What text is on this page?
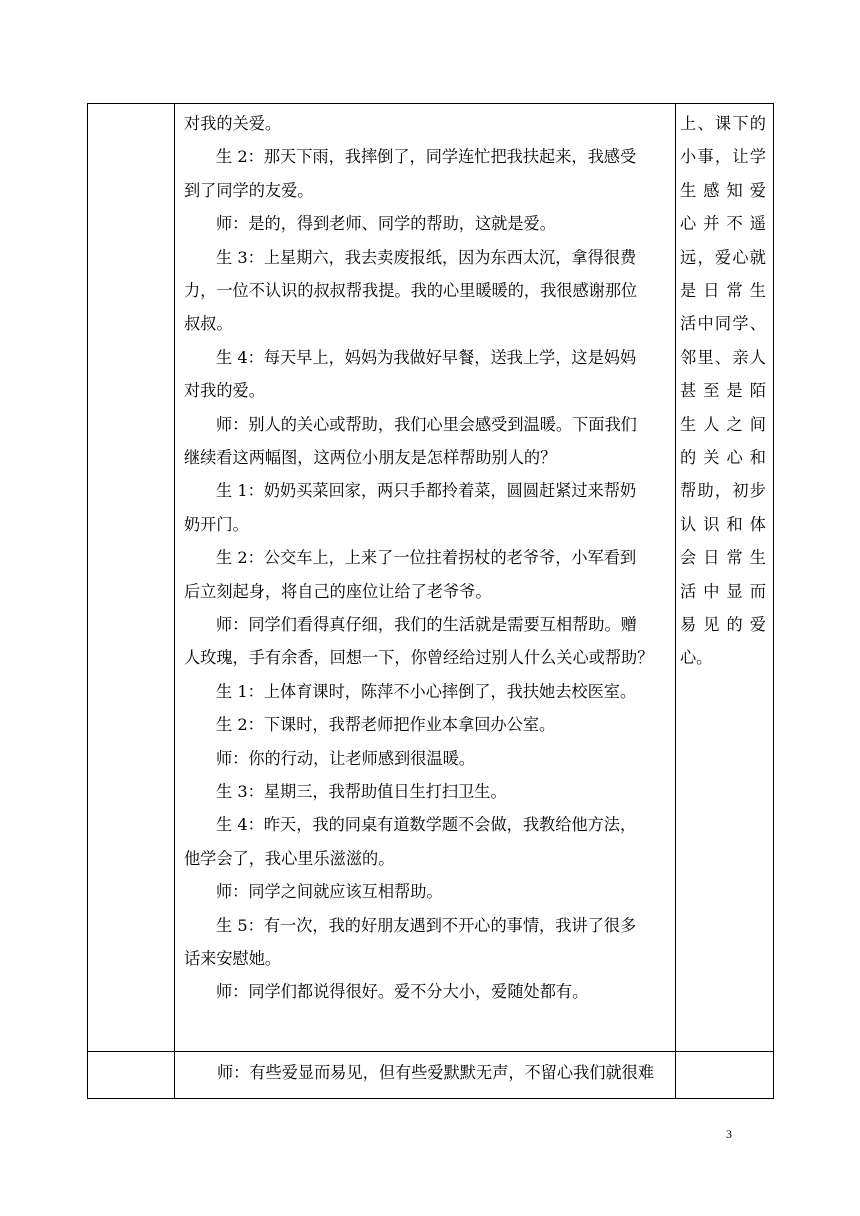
对我的关爱。
生 2：那天下雨，我摔倒了，同学连忙把我扶起来，我感受
到了同学的友爱。
师：是的，得到老师、同学的帮助，这就是爱。
生 3：上星期六，我去卖废报纸，因为东西太沉，拿得很费
力，一位不认识的叔叔帮我提。我的心里暖暖的，我很感谢那位
叔叔。
生 4：每天早上，妈妈为我做好早餐，送我上学，这是妈妈
对我的爱。
师：别人的关心或帮助，我们心里会感受到温暖。下面我们
继续看这两幅图，这两位小朋友是怎样帮助别人的？
生 1：奶奶买菜回家，两只手都拎着菜，圆圆赶紧过来帮奶
奶开门。
生 2：公交车上，上来了一位拄着拐杖的老爷爷，小军看到
后立刻起身，将自己的座位让给了老爷爷。
师：同学们看得真仔细，我们的生活就是需要互相帮助。赠
人玫瑰，手有余香，回想一下，你曾经给过别人什么关心或帮助？
生 1：上体育课时，陈萍不小心摔倒了，我扶她去校医室。
生 2：下课时，我帮老师把作业本拿回办公室。
师：你的行动，让老师感到很温暖。
生 3：星期三，我帮助值日生打扫卫生。
生 4：昨天，我的同桌有道数学题不会做，我教给他方法，
他学会了，我心里乐滋滋的。
师：同学之间就应该互相帮助。
生 5：有一次，我的好朋友遇到不开心的事情，我讲了很多
话来安慰她。
师：同学们都说得很好。爱不分大小，爱随处都有。
上、课下的
小事，让学
生感知爱
心并不遥
远，爱心就
是日常生
活中同学、
邻里、亲人
甚至是陌
生人之间
的关心和
帮助，初步
认识和体
会日常生
活中显而
易见的爱
心。
师：有些爱显而易见，但有些爱默默无声，不留心我们就很难
3
